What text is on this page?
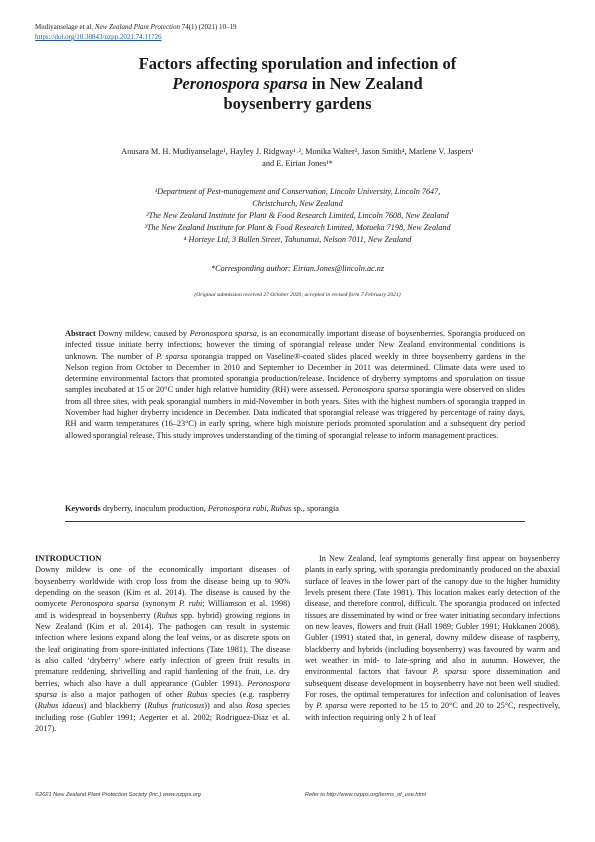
Mudiyanselage et al. New Zealand Plant Protection 74(1) (2021) 10–19
https://doi.org/10.30843/nzpp.2021.74.11726
Factors affecting sporulation and infection of
Peronospora sparsa in New Zealand
boysenberry gardens
Anusara M. H. Mudiyanselage¹, Hayley J. Ridgway¹˒², Monika Walter², Jason Smith⁴, Marlene V. Jaspers¹
and E. Eirian Jones¹*
¹Department of Pest-management and Conservation, Lincoln University, Lincoln 7647,
Christchurch, New Zealand
²The New Zealand Institute for Plant & Food Research Limited, Lincoln 7608, New Zealand
³The New Zealand Institute for Plant & Food Research Limited, Motueka 7198, New Zealand
⁴ Horteye Ltd, 3 Bullen Street, Tahunanui, Nelson 7011, New Zealand
*Corresponding author: Eirian.Jones@lincoln.ac.nz
(Original submission received 27 October 2020; accepted in revised form 7 February 2021)
Abstract Downy mildew, caused by Peronospora sparsa, is an economically important disease of boysenberries. Sporangia produced on infected tissue initiate berry infections; however the timing of sporangial release under New Zealand environmental conditions is unknown. The number of P. sparsa sporangia trapped on Vaseline®-coated slides placed weekly in three boysenberry gardens in the Nelson region from October to December in 2010 and September to December in 2011 was determined. Climate data were used to determine environmental factors that promoted sporangia production/release. Incidence of dryberry symptoms and sporulation on tissue samples incubated at 15 or 20°C under high relative humidity (RH) were assessed. Peronospora sparsa sporangia were observed on slides from all three sites, with peak sporangial numbers in mid-November in both years. Sites with the highest numbers of sporangia trapped in November had higher dryberry incidence in December. Data indicated that sporangial release was triggered by percentage of rainy days, RH and warm temperatures (16–23°C) in early spring, where high moisture periods promoted sporulation and a subsequent dry period allowed sporangial release. This study improves understanding of the timing of sporangial release to inform management practices.
Keywords dryberry, inoculum production, Peronospora rubi, Rubus sp., sporangia
INTRODUCTION

Downy mildew is one of the economically important diseases of boysenberry worldwide with crop loss from the disease being up to 90% depending on the season (Kim et al. 2014). The disease is caused by the oomycete Peronospora sparsa (synonym P. rubi; Williamson et al. 1998) and is widespread in boysenberry (Rubus spp. hybrid) growing regions in New Zealand (Kim et al. 2014). The pathogen can result in systemic infection where lesions expand along the leaf veins, or as discrete spots on the leaf originating from spore-initiated infections (Tate 1981). The disease is also called ‘dryberry’ where early infection of green fruit results in premature reddening, shrivelling and rapid hardening of the fruit, i.e. dry berries, which also have a dull appearance (Gubler 1991). Peronospora sparsa is also a major pathogen of other Rubus species (e.g. raspberry (Rubus idaeus) and blackberry (Rubus fruticosus)) and also Rosa species including rose (Gubler 1991; Aegerter et al. 2002; Rodriguez-Diaz et al. 2017).

In New Zealand, leaf symptoms generally first appear on boysenberry plants in early spring, with sporangia predominantly produced on the abaxial surface of leaves in the lower part of the canopy due to the higher humidity levels present there (Tate 1981). This location makes early detection of the disease, and therefore control, difficult. The sporangia produced on infected tissues are disseminated by wind or free water initiating secondary infections on new leaves, flowers and fruit (Hall 1989; Gubler 1991; Hukkanen 2008). Gubler (1991) stated that, in general, downy mildew disease of raspberry, blackberry and hybrids (including boysenberry) was favoured by warm and wet weather in mid- to late-spring and also in autumn. However, the environmental factors that favour P. sparsa spore dissemination and subsequent disease development in boysenberry have not been well studied. For roses, the optimal temperatures for infection and colonisation of leaves by P. sparsa were reported to be 15 to 20°C and 20 to 25°C, respectively, with infection requiring only 2 h of leaf

©2021 New Zealand Plant Protection Society (Inc.) www.nzpps.org	Refer to http://www.nzpps.org/terms_of_use.html
